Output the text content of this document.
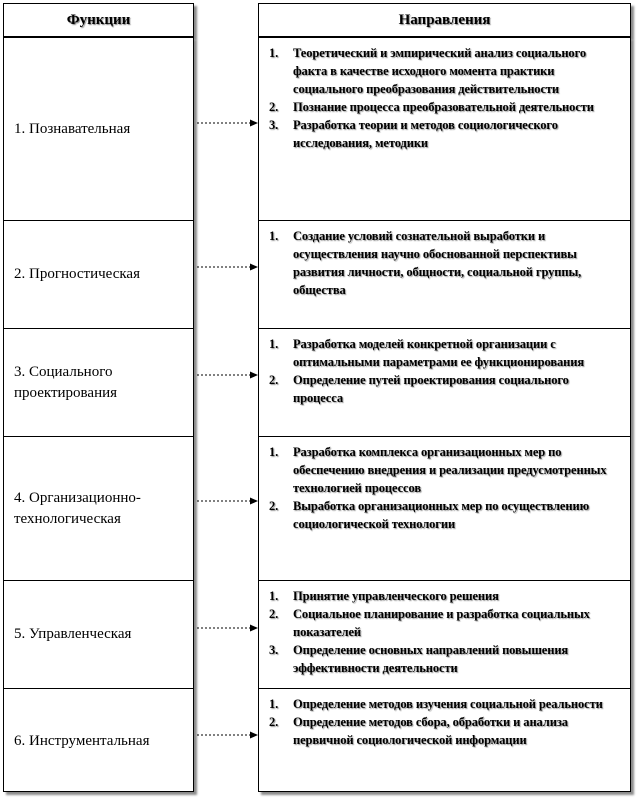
Функции	Направления
1. Познавательная
2. Прогностическая
3. Социального проектирования
4. Организационно-технологическая
5. Управленческая
6. Инструментальная
1. Теоретический и эмпирический анализ социального факта в качестве исходного момента практики социального преобразования действительности
2. Познание процесса преобразовательной деятельности
3. Разработка теории и методов социологического исследования, методики
1. Создание условий сознательной выработки и осуществления научно обоснованной перспективы развития личности, общности, социальной группы, общества
1. Разработка моделей конкретной организации с оптимальными параметрами ее функционирования
2. Определение путей проектирования социального процесса
1. Разработка комплекса организационных мер по обеспечению внедрения и реализации предусмотренных технологией процессов
2. Выработка организационных мер по осуществлению социологической технологии
1. Принятие управленческого решения
2. Социальное планирование и разработка социальных показателей
3. Определение основных направлений повышения эффективности деятельности
1. Определение методов изучения социальной реальности
2. Определение методов сбора, обработки и анализа первичной социологической информации
